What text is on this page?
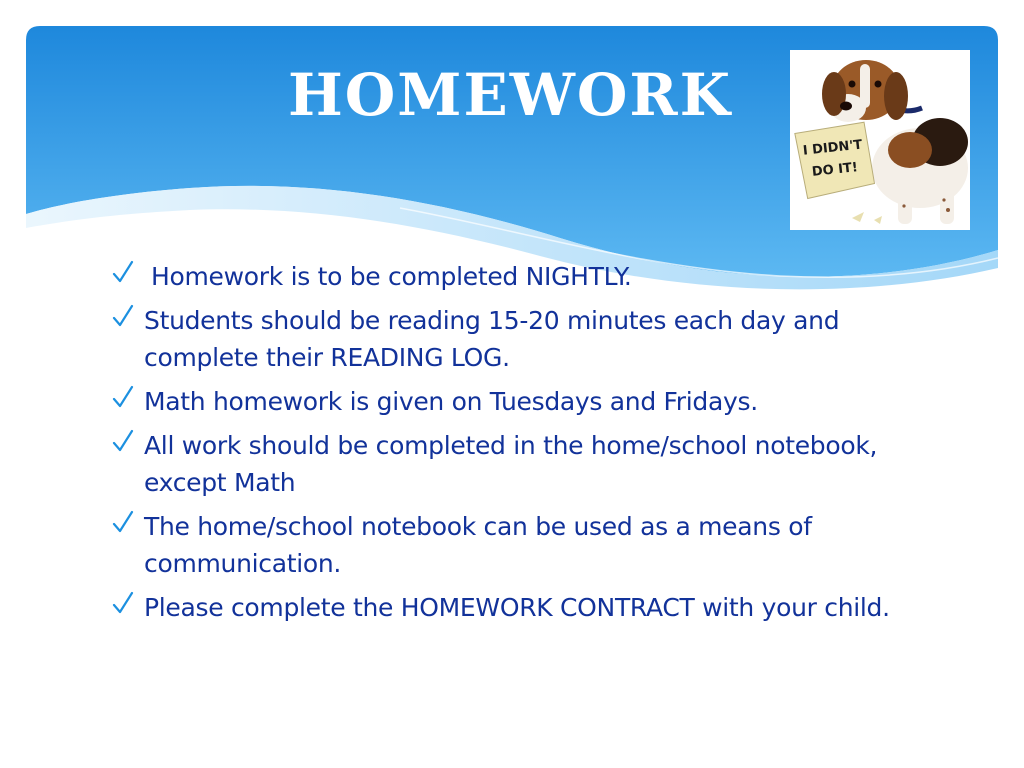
HOMEWORK
I DIDN'T
DO IT!
Homework is to be completed NIGHTLY.
Students should be reading 15-20 minutes each day and complete their READING LOG.
Math homework is given on Tuesdays and Fridays.
All work should be completed in the home/school notebook, except Math
The home/school notebook can be used as a means of communication.
Please complete the HOMEWORK CONTRACT with your child.
